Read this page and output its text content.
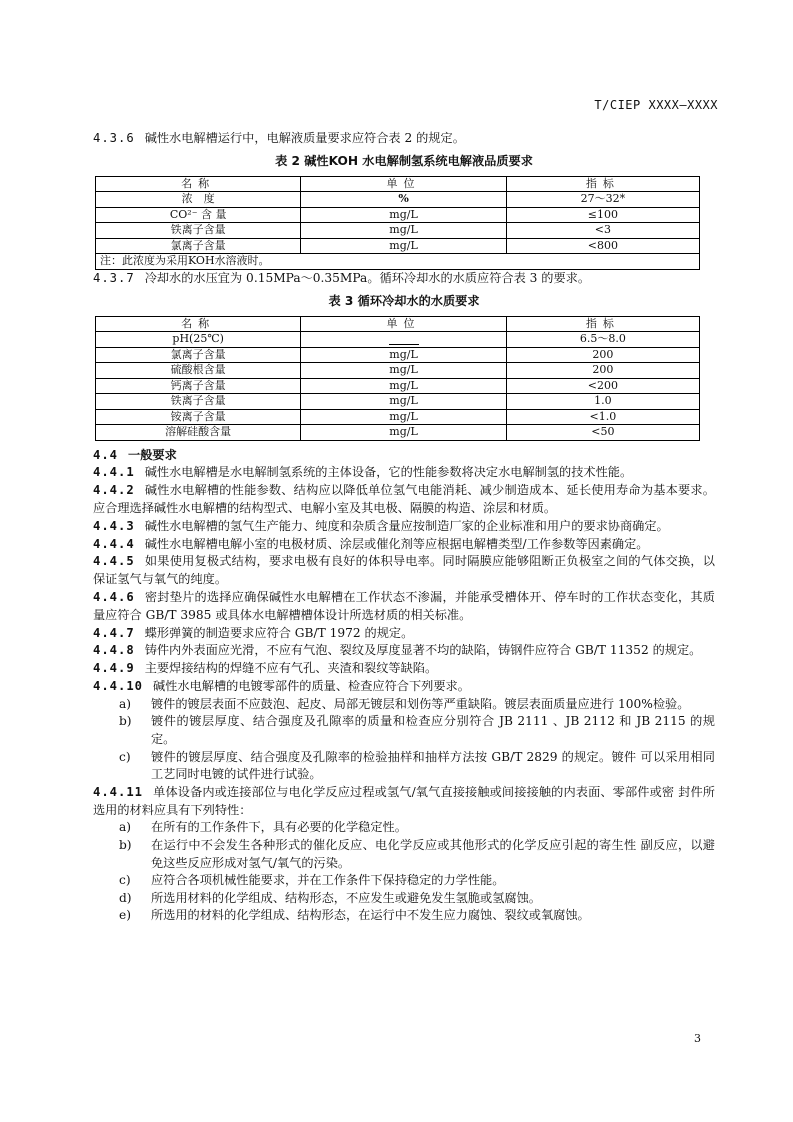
T/CIEP XXXX—XXXX

4.3.6 碱性水电解槽运行中，电解液质量要求应符合表 2 的规定。

表 2 碱性KOH 水电解制氢系统电解液品质要求
名称	单位	指标
浓　度	%	27～32*
CO²⁻ 含 量	mg/L	≤100
铁离子含量	mg/L	<3
氯离子含量	mg/L	<800
注：此浓度为采用KOH水溶液时。		

4.3.7 冷却水的水压宜为 0.15MPa～0.35MPa。循环冷却水的水质应符合表 3 的要求。

表 3 循环冷却水的水质要求
名称	单位	指标
pH(25℃)		6.5～8.0
氯离子含量	mg/L	200
硫酸根含量	mg/L	200
钙离子含量	mg/L	<200
铁离子含量	mg/L	1.0
铵离子含量	mg/L	<1.0
溶解硅酸含量	mg/L	<50

4.4 一般要求

4.4.1 碱性水电解槽是水电解制氢系统的主体设备，它的性能参数将决定水电解制氢的技术性能。

4.4.2 碱性水电解槽的性能参数、结构应以降低单位氢气电能消耗、减少制造成本、延长使用寿命为基本要求。 应合理选择碱性水电解槽的结构型式、电解小室及其电极、隔膜的构造、涂层和材质。

4.4.3 碱性水电解槽的氢气生产能力、纯度和杂质含量应按制造厂家的企业标准和用户的要求协商确定。

4.4.4 碱性水电解槽电解小室的电极材质、涂层或催化剂等应根据电解槽类型/工作参数等因素确定。

4.4.5 如果使用复极式结构，要求电极有良好的体积导电率。同时隔膜应能够阻断正负极室之间的气体交换，以保证氢气与氧气的纯度。

4.4.6 密封垫片的选择应确保碱性水电解槽在工作状态不渗漏，并能承受槽体开、停车时的工作状态变化，其质量应符合 GB/T 3985 或具体水电解槽槽体设计所选材质的相关标准。

4.4.7 蝶形弹簧的制造要求应符合 GB/T 1972 的规定。

4.4.8 铸件内外表面应光滑，不应有气泡、裂纹及厚度显著不均的缺陷，铸钢件应符合 GB/T 11352 的规定。

4.4.9 主要焊接结构的焊缝不应有气孔、夹渣和裂纹等缺陷。

4.4.10 碱性水电解槽的电镀零部件的质量、检查应符合下列要求。

a)	镀件的镀层表面不应鼓泡、起皮、局部无镀层和划伤等严重缺陷。镀层表面质量应进行 100%检验。
b)	镀件的镀层厚度、结合强度及孔隙率的质量和检查应分别符合 JB 2111 、JB 2112 和 JB 2115 的规定。
c)	镀件的镀层厚度、结合强度及孔隙率的检验抽样和抽样方法按 GB/T 2829 的规定。镀件 可以采用相同工艺同时电镀的试件进行试验。

4.4.11 单体设备内或连接部位与电化学反应过程或氢气/氧气直接接触或间接接触的内表面、零部件或密 封件所选用的材料应具有下列特性：

a)	在所有的工作条件下，具有必要的化学稳定性。
b)	在运行中不会发生各种形式的催化反应、电化学反应或其他形式的化学反应引起的寄生性 副反应，以避免这些反应形成对氢气/氧气的污染。
c)	应符合各项机械性能要求，并在工作条件下保持稳定的力学性能。
d)	所选用材料的化学组成、结构形态，不应发生或避免发生氢脆或氢腐蚀。
e)	所选用的材料的化学组成、结构形态，在运行中不发生应力腐蚀、裂纹或氧腐蚀。
3
